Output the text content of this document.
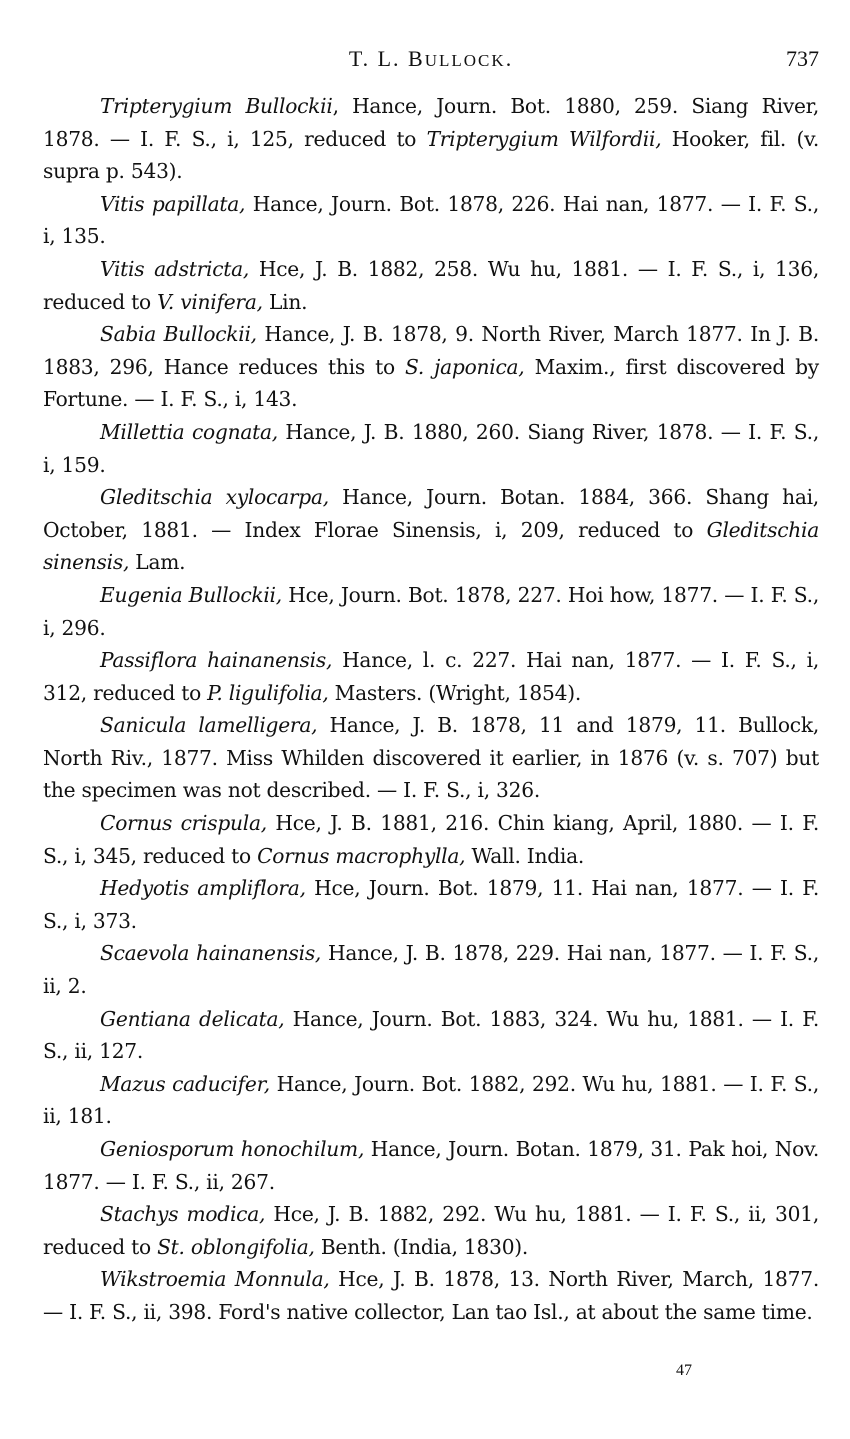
T. L. BULLOCK.	737

Tripterygium Bullockii, Hance, Journ. Bot. 1880, 259. Siang River, 1878. — I. F. S., i, 125, reduced to Tripterygium Wilfordii, Hooker, fil. (v. supra p. 543).

Vitis papillata, Hance, Journ. Bot. 1878, 226. Hai nan, 1877. — I. F. S., i, 135.

Vitis adstricta, Hce, J. B. 1882, 258. Wu hu, 1881. — I. F. S., i, 136, reduced to V. vinifera, Lin.

Sabia Bullockii, Hance, J. B. 1878, 9. North River, March 1877. In J. B. 1883, 296, Hance reduces this to S. japonica, Maxim., first discovered by Fortune. — I. F. S., i, 143.

Millettia cognata, Hance, J. B. 1880, 260. Siang River, 1878. — I. F. S., i, 159.

Gleditschia xylocarpa, Hance, Journ. Botan. 1884, 366. Shang hai, October, 1881. — Index Florae Sinensis, i, 209, reduced to Gleditschia sinensis, Lam.

Eugenia Bullockii, Hce, Journ. Bot. 1878, 227. Hoi how, 1877. — I. F. S., i, 296.

Passiflora hainanensis, Hance, l. c. 227. Hai nan, 1877. — I. F. S., i, 312, reduced to P. ligulifolia, Masters. (Wright, 1854).

Sanicula lamelligera, Hance, J. B. 1878, 11 and 1879, 11. Bullock, North Riv., 1877. Miss Whilden discovered it earlier, in 1876 (v. s. 707) but the specimen was not described. — I. F. S., i, 326.

Cornus crispula, Hce, J. B. 1881, 216. Chin kiang, April, 1880. — I. F. S., i, 345, reduced to Cornus macrophylla, Wall. India.

Hedyotis ampliflora, Hce, Journ. Bot. 1879, 11. Hai nan, 1877. — I. F. S., i, 373.

Scaevola hainanensis, Hance, J. B. 1878, 229. Hai nan, 1877. — I. F. S., ii, 2.

Gentiana delicata, Hance, Journ. Bot. 1883, 324. Wu hu, 1881. — I. F. S., ii, 127.

Mazus caducifer, Hance, Journ. Bot. 1882, 292. Wu hu, 1881. — I. F. S., ii, 181.

Geniosporum honochilum, Hance, Journ. Botan. 1879, 31. Pak hoi, Nov. 1877. — I. F. S., ii, 267.

Stachys modica, Hce, J. B. 1882, 292. Wu hu, 1881. — I. F. S., ii, 301, reduced to St. oblongifolia, Benth. (India, 1830).

Wikstroemia Monnula, Hce, J. B. 1878, 13. North River, March, 1877. — I. F. S., ii, 398. Ford's native collector, Lan tao Isl., at about the same time.

47
